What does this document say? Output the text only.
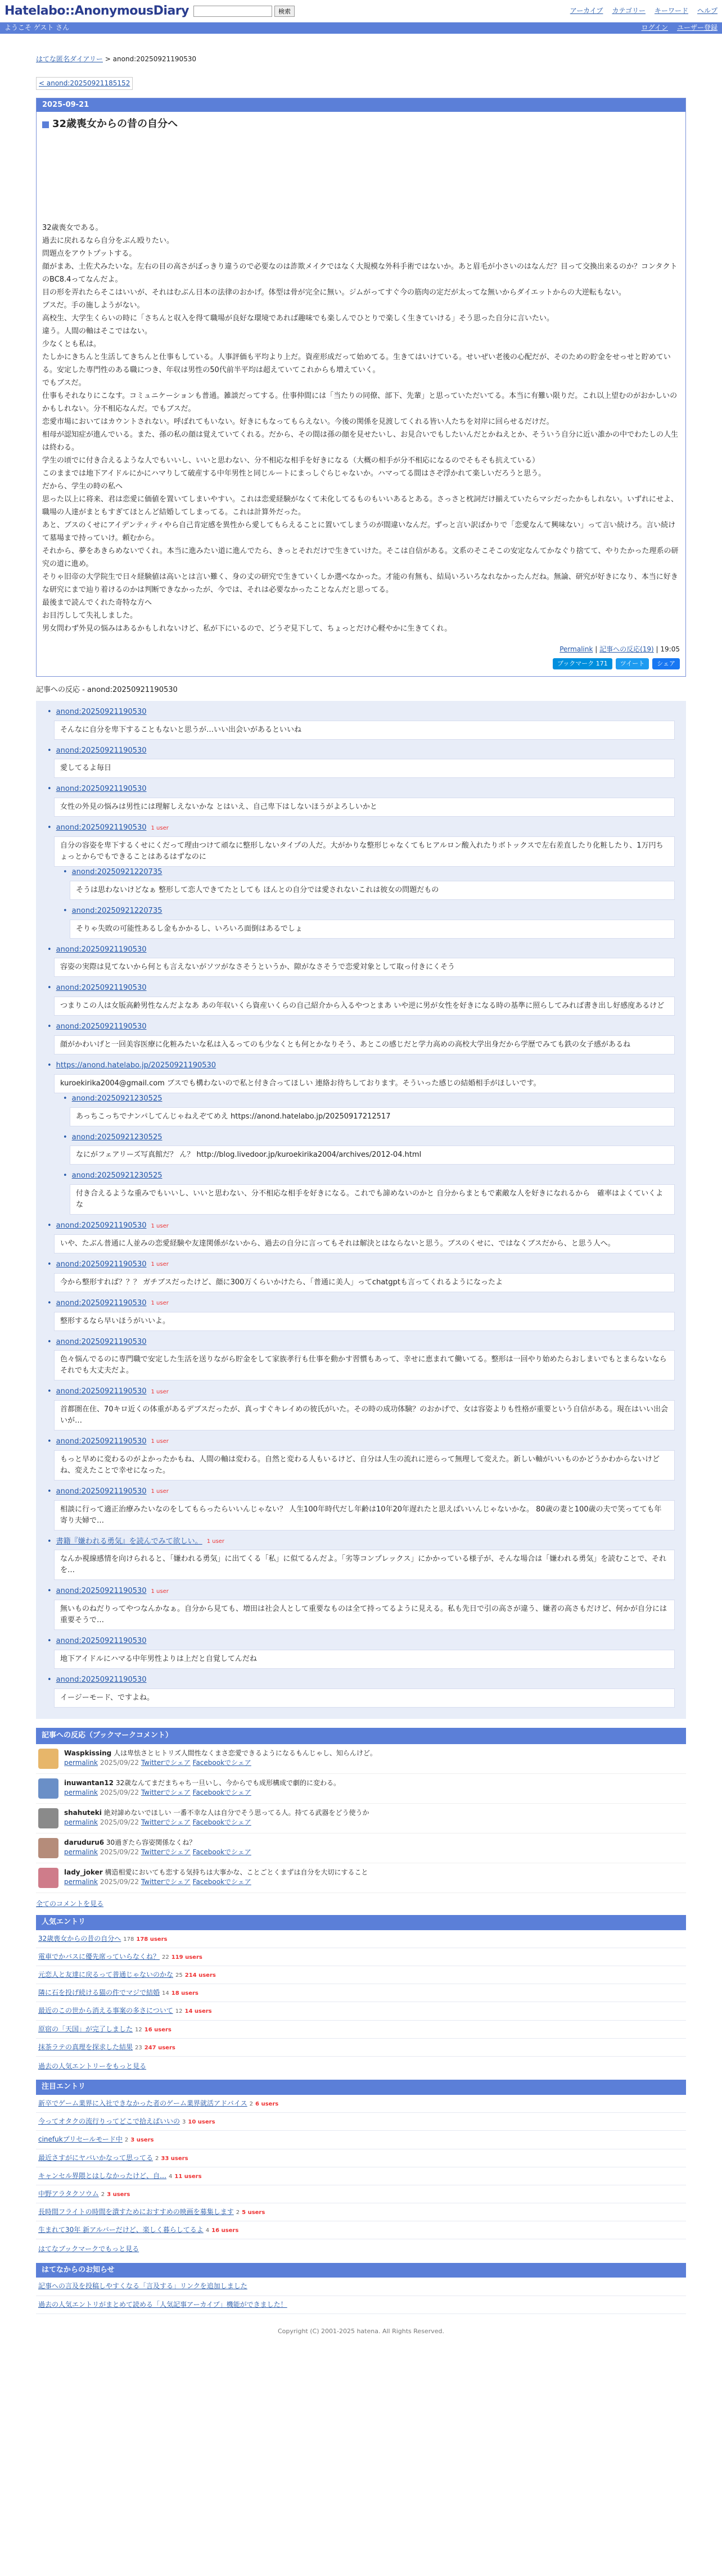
Hatelabo::AnonymousDiary	検索	アーカイブ カテゴリー キーワード ヘルプ
ようこそ ゲスト さん	ログイン ユーザー登録
はてな匿名ダイアリー > anond:20250921190530
< anond:20250921185152
2025-09-21
32歳喪女からの昔の自分へ

32歳喪女である。

過去に戻れるなら自分をぶん殴りたい。

問題点をアウトプットする。

顔がまあ、土佐犬みたいな。左右の目の高さがぼっきり違うので必要なのは詐欺メイクではなく大規模な外科手術ではないか。あと眉毛が小さいのはなんだ？目って交換出来るのか？コンタクトのBC8.4ってなんだよ。

目の形を弄れたらそこはいいが、それはむぶん日本の法律のおかげ。体型は骨が完全に無い。ジムがってすぐ今の筋肉の定だが太ってな無いからダイエットからの大逆転もない。

ブスだ。手の施しようがない。

高校生、大学生くらいの時に「さちんと収入を得て職場が良好な環境であれば趣味でも楽しんでひとりで楽しく生きていける」そう思った自分に言いたい。

違う。人間の軸はそこではない。

少なくとも私は。

たしかにきちんと生活してきちんと仕事もしている。人事評価も平均より上だ。資産形成だって始めてる。生きてはいけている。せいぜい老後の心配だが、そのための貯金をせっせと貯めている。安定した専門性のある職につき、年収は男性の50代前半平均は超えていてこれからも増えていく。

でもブスだ。

仕事もそれなりにこなす。コミュニケーションも普通。雑談だってする。仕事仲間には「当たりの同僚、部下、先輩」と思っていただいてる。本当に有難い限りだ。これ以上望むのがおかしいのかもしれない。分不相応なんだ。でもブスだ。

恋愛市場においてはカウントされない。呼ばれてもいない。好きにもなってもらえない。今後の関係を見渡してくれる皆い人たちを対岸に回らせるだけだ。

相母が認知症が進んでいる。また、孫の私の顔は覚えていてくれる。だから、その間は孫の顔を見せたいし、お見合いでもしたいんだとかねえとか、そういう自分に近い誰かの中でわたしの人生は終わる。

学生の頃でに付き合えるような人でもいいし、いいと思わない、分不相応な相手を好きになる（大概の相手が分不相応になるのでそもそも抗えている）

このままでは地下アイドルにかにハマりして破産する中年男性と同じルートにまっしぐらじゃないか。ハマってる間はさぞ浮かれて楽しいだろうと思う。

だから、学生の時の私へ

思った以上に将来、君は恋愛に価値を置いてしまいやすい。これは恋愛経験がなくて未化してるものもいいあるとある。さっさと枕詞だけ揃えていたらマシだったかもしれない。いずれにせよ、職場の人達がまともすぎてほとんど結婚してしまってる。これは計算外だった。

あと、ブスのくせにアイデンティティやら自己肯定感を異性から愛してもらえることに置いてしまうのが間違いなんだ。ずっと言い訳ばかりで「恋愛なんて興味ない」って言い続けろ。言い続けて墓場まで持っていけ。頼むから。

それから、夢をあきらめないでくれ。本当に進みたい道に進んでたら、きっとそれだけで生きていけた。そこは自信がある。文系のそこそこの安定なんてかなぐり捨てて、やりたかった理系の研究の道に進め。

そりゃ旧帝の大学院生で日々経験値は高いとは言い難く、身の丈の研究で生きていくしか選べなかった。才能の有無も、結局いろいろなれなかったんだね。無論、研究が好きになり、本当に好きな研究にまで辿り着けるのかは判断できなかったが、今では、それは必要なかったことなんだと思ってる。

最後まで読んでくれた奇特な方へ

お目汚しして失礼しました。

男女問わず外見の悩みはあるかもしれないけど、私が下にいるので、どうぞ見下して、ちょっとだけ心軽やかに生きてくれ。

Permalink | 記事への反応(19) | 19:05
ブックマーク 171	ツイート	シェア
記事への反応 - anond:20250921190530
• anond:20250921190530
そんなに自分を卑下することもないと思うが…いい出会いがあるといいね
• anond:20250921190530
愛してるよ毎日
• anond:20250921190530
女性の外見の悩みは男性には理解しえないかな とはいえ、自己卑下はしないほうがよろしいかと
• anond:20250921190530 1 user
自分の容姿を卑下するくせにくだって理由つけて頑なに整形しないタイプの人だ。大がかりな整形じゃなくてもヒアルロン酸入れたりボトックスで左右差直したり化粧したり、1万円ちょっとからでもできることはあるはずなのに
• anond:20250921220735
そうは思わないけどなぁ 整形して恋人できてたとしても ほんとの自分では愛されないこれは彼女の問題だもの
• anond:20250921220735
そりゃ失敗の可能性あるし金もかかるし、いろいろ面倒はあるでしょ
• anond:20250921190530
容姿の実際は見てないから何とも言えないがソツがなさそうというか、隙がなさそうで恋愛対象として取っ付きにくそう
• anond:20250921190530
つまりこの人は女版高齢男性なんだよなあ あの年収いくら資産いくらの自己紹介から入るやつとまあ いや逆に男が女性を好きになる時の基準に照らしてみれば書き出し好感度あるけど
• anond:20250921190530
顔がかわいげと一回美容医療に化粧みたいな私は入るってのも少なくとも何とかなりそう、あとこの感じだと学力高めの高校大学出身だから学歴でみても鉄の女子感があるね
• https://anond.hatelabo.jp/20250921190530
kuroekirika2004@gmail.com ブスでも構わないので私と付き合ってほしい 連絡お待ちしております。そういった感じの結婚相手がほしいです。
• anond:20250921230525
あっちこっちでナンパしてんじゃねえぞてめえ https://anond.hatelabo.jp/20250917212517
• anond:20250921230525
なにがフェアリーズ写真館だ？ ん？ http://blog.livedoor.jp/kuroekirika2004/archives/2012-04.html
• anond:20250921230525
付き合えるような重みでもいいし、いいと思わない、分不相応な相手を好きになる。これでも諦めないのかと 自分からまともで素敵な人を好きになれるから　確率はよくていくよな
• anond:20250921190530 1 user
いや、たぶん普通に人並みの恋愛経験や友達関係がないから、過去の自分に言ってもそれは解決とはならないと思う。ブスのくせに、ではなくブスだから、と思う人へ。
• anond:20250921190530 1 user
今から整形すれば？？？ ガチブスだったけど、顔に300万くらいかけたら、「普通に美人」ってchatgptも言ってくれるようになったよ
• anond:20250921190530 1 user
整形するなら早いほうがいいよ。
• anond:20250921190530
色々悩んでるのに専門職で安定した生活を送りながら貯金をして家族孝行も仕事を動かす習慣もあって、幸せに恵まれて働いてる。整形は一回やり始めたらおしまいでもとまらないならそれでも大丈夫だよ。
• anond:20250921190530 1 user
首都圏在住、70キロ近くの体重があるデブスだったが、真っすぐキレイめの彼氏がいた。その時の成功体験？のおかげで、女は容姿よりも性格が重要という自信がある。現在はいい出会いが…
• anond:20250921190530 1 user
もっと早めに変わるのがよかったかもね、人間の軸は変わる。自然と変わる人もいるけど、自分は人生の流れに逆らって無理して変えた。新しい軸がいいものかどうかわからないけどね、変えたことで幸せになった。
• anond:20250921190530 1 user
相談に行って適正治療みたいなのをしてもらったらいいんじゃない？ 人生100年時代だし年齢は10年20年遅れたと思えばいいんじゃないかな。 80歳の妻と100歳の夫で笑ってても年寄り夫婦で…
• 書籍『嫌われる勇気』を読んでみて欲しい。 1 user
なんか視線感情を向けられると、「嫌われる勇気」に出てくる「私」に似てるんだよ。「劣等コンプレックス」にかかっている様子が、そんな場合は「嫌われる勇気」を読むことで、それを…
• anond:20250921190530 1 user
無いものねだりってやつなんかなぁ。自分から見ても、増田は社会人として重要なものは全て持ってるように見える。私も先日で引の高さが違う、嫌者の高さもだけど、何かが自分には重要そうで…
• anond:20250921190530
地下アイドルにハマる中年男性よりは上だと自覚してんだね
• anond:20250921190530
イージーモード、ですよね。
記事への反応（ブックマークコメント）
Waspkissing 人は卑怯さとヒトリズ人間性なくまさ恋愛できるようになるもんじゃし、知らんけど。
permalink 2025/09/22 Twitterでシェア Facebookでシェア
inuwantan12 32歳なんてまだまちゃち一旦いし、今からでも成形構成で劇的に変わる。
permalink 2025/09/22 Twitterでシェア Facebookでシェア
shahuteki 絶対諦めないでほしい 一番不幸な人は自分でそう思ってる人。持てる武器をどう使うか
permalink 2025/09/22 Twitterでシェア Facebookでシェア
daruduru6 30過ぎたら容姿関係なくね？
permalink 2025/09/22 Twitterでシェア Facebookでシェア
lady_joker 構造相愛においても恋する気持ちは大事かな、ことごとくまずは自分を大切にすること
permalink 2025/09/22 Twitterでシェア Facebookでシェア
全てのコメントを見る
人気エントリ
32歳喪女からの昔の自分へ 178 178 users
電車でかバスに優先席っていらなくね？ 22 119 users
元恋人と友達に戻るって普通じゃないのかな 25 214 users
隣に石を投げ続ける猫の件でマジで結婚 14 18 users
最近のこの世から消える事案の多さについて 12 14 users
原宿の「天国」が完了しました 12 16 users
抹茶ラテの真理を探求した結果 23 247 users
過去の人気エントリーをもっと見る
注目エントリ
新卒でゲーム業界に入社できなかった者のゲーム業界就活アドバイス 2 6 users
今ってオタクの流行りってどこで拾えばいいの 3 10 users
cinefukプリセールモード中 2 3 users
最近さすがにヤバいかなって思ってる 2 33 users
キャンセル界隈とはしなかったけど、自… 4 11 users
中野アラタクソウム 2 3 users
長時間フライトの時間を潰すためにおすすめの映画を募集します 2 5 users
生まれて30年 新アルバーだけど、楽しく暮らしてるよ 4 16 users
はてなブックマークでもっと見る
はてなからのお知らせ
記事への言及を投稿しやすくなる「言及する」リンクを追加しました
過去の人気エントリがまとめて読める「人気記事アーカイブ」機能ができました！
Copyright (C) 2001-2025 hatena. All Rights Reserved.
